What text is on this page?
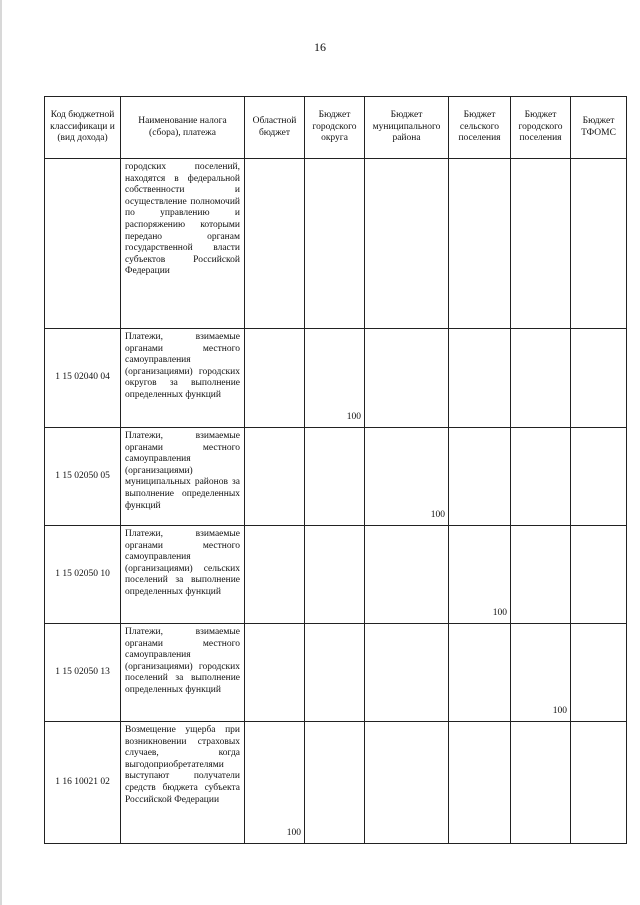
16
Код бюджетной классификаци и (вид дохода)	Наименование налога (сбора), платежа	Областной бюджет	Бюджет городского округа	Бюджет муниципального района	Бюджет сельского поселения	Бюджет городского поселения	Бюджет ТФОМС
	городских поселений, находятся в федеральной собственности и осуществление полномочий по управлению и распоряжению которыми передано органам государственной власти субъектов Российской Федерации						
1 15 02040 04	Платежи, взимаемые органами местного самоуправления (организациями) городских округов за выполнение определенных функций		100				
1 15 02050 05	Платежи, взимаемые органами местного самоуправления (организациями) муниципальных районов за выполнение определенных функций			100			
1 15 02050 10	Платежи, взимаемые органами местного самоуправления (организациями) сельских поселений за выполнение определенных функций				100		
1 15 02050 13	Платежи, взимаемые органами местного самоуправления (организациями) городских поселений за выполнение определенных функций					100	
1 16 10021 02	Возмещение ущерба при возникновении страховых случаев, когда выгодоприобретателями выступают получатели средств бюджета субъекта Российской Федерации	100					
